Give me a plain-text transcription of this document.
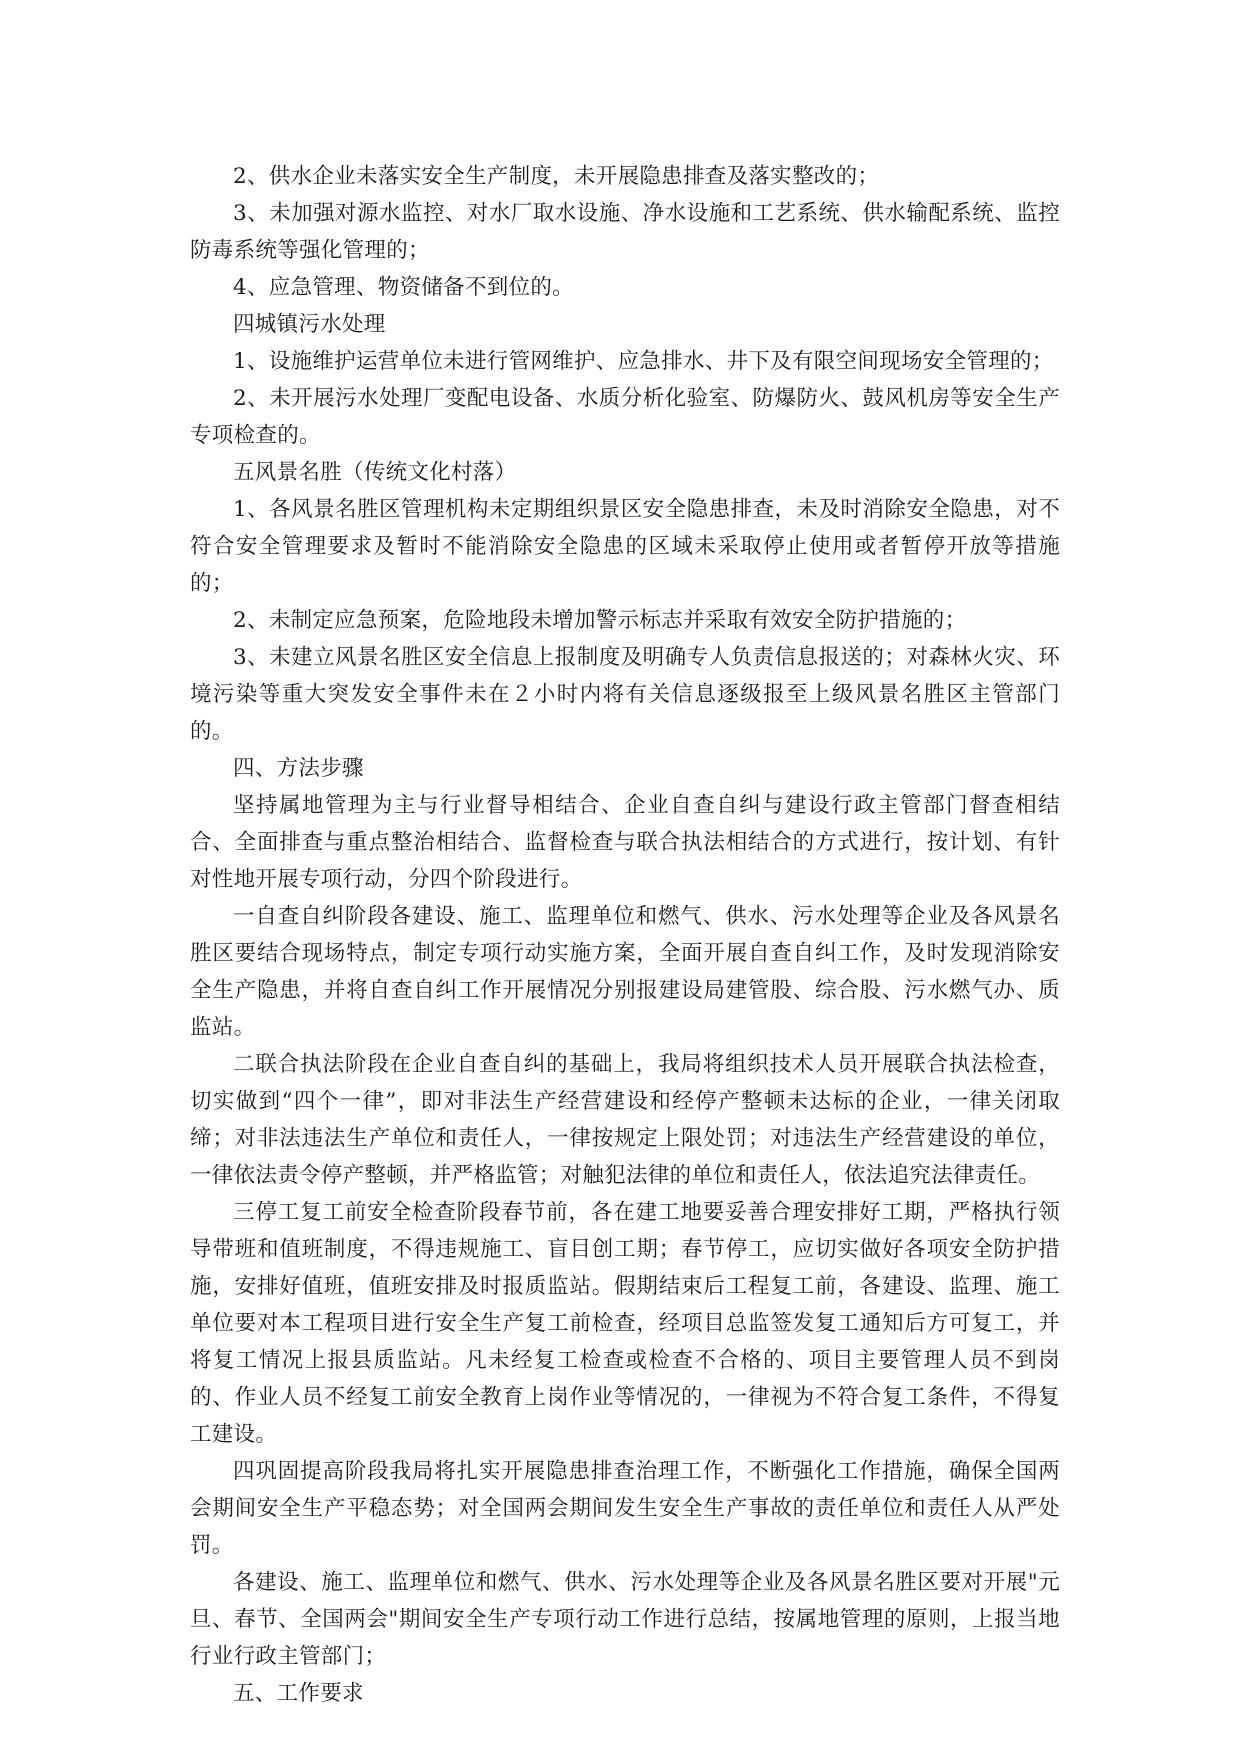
2、供水企业未落实安全生产制度，未开展隐患排查及落实整改的；

3、未加强对源水监控、对水厂取水设施、净水设施和工艺系统、供水输配系统、监控防毒系统等强化管理的；

4、应急管理、物资储备不到位的。

四城镇污水处理

1、设施维护运营单位未进行管网维护、应急排水、井下及有限空间现场安全管理的；

2、未开展污水处理厂变配电设备、水质分析化验室、防爆防火、鼓风机房等安全生产专项检查的。

五风景名胜（传统文化村落）

1、各风景名胜区管理机构未定期组织景区安全隐患排查，未及时消除安全隐患，对不符合安全管理要求及暂时不能消除安全隐患的区域未采取停止使用或者暂停开放等措施的；

2、未制定应急预案，危险地段未增加警示标志并采取有效安全防护措施的；

3、未建立风景名胜区安全信息上报制度及明确专人负责信息报送的；对森林火灾、环境污染等重大突发安全事件未在２小时内将有关信息逐级报至上级风景名胜区主管部门的。

四、方法步骤

坚持属地管理为主与行业督导相结合、企业自查自纠与建设行政主管部门督查相结合、全面排查与重点整治相结合、监督检查与联合执法相结合的方式进行，按计划、有针对性地开展专项行动，分四个阶段进行。

一自查自纠阶段各建设、施工、监理单位和燃气、供水、污水处理等企业及各风景名胜区要结合现场特点，制定专项行动实施方案，全面开展自查自纠工作，及时发现消除安全生产隐患，并将自查自纠工作开展情况分别报建设局建管股、综合股、污水燃气办、质监站。

二联合执法阶段在企业自查自纠的基础上，我局将组织技术人员开展联合执法检查，切实做到“四个一律”，即对非法生产经营建设和经停产整顿未达标的企业，一律关闭取缔；对非法违法生产单位和责任人，一律按规定上限处罚；对违法生产经营建设的单位，一律依法责令停产整顿，并严格监管；对触犯法律的单位和责任人，依法追究法律责任。

三停工复工前安全检查阶段春节前，各在建工地要妥善合理安排好工期，严格执行领导带班和值班制度，不得违规施工、盲目创工期；春节停工，应切实做好各项安全防护措施，安排好值班，值班安排及时报质监站。假期结束后工程复工前，各建设、监理、施工单位要对本工程项目进行安全生产复工前检查，经项目总监签发复工通知后方可复工，并将复工情况上报县质监站。凡未经复工检查或检查不合格的、项目主要管理人员不到岗的、作业人员不经复工前安全教育上岗作业等情况的，一律视为不符合复工条件，不得复工建设。

四巩固提高阶段我局将扎实开展隐患排查治理工作，不断强化工作措施，确保全国两会期间安全生产平稳态势；对全国两会期间发生安全生产事故的责任单位和责任人从严处罚。

各建设、施工、监理单位和燃气、供水、污水处理等企业及各风景名胜区要对开展"元旦、春节、全国两会"期间安全生产专项行动工作进行总结，按属地管理的原则，上报当地行业行政主管部门；

五、工作要求
